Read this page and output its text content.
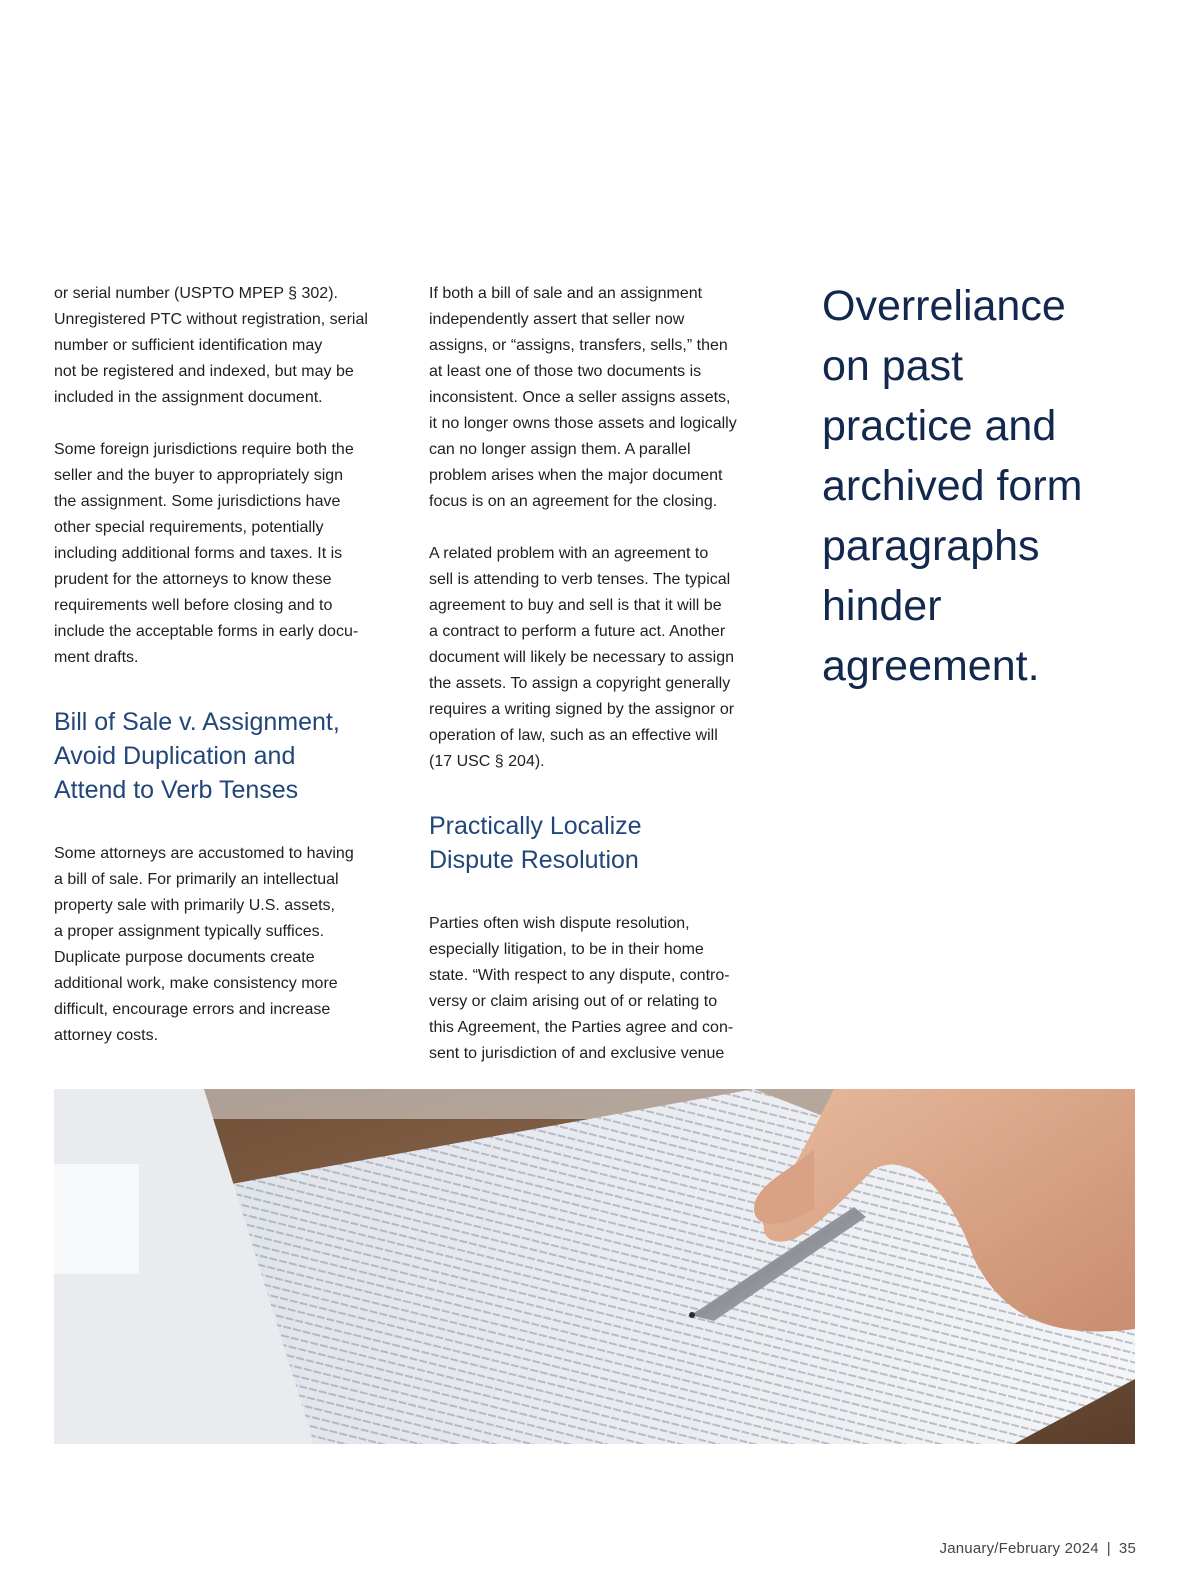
or serial number (USPTO MPEP § 302).
Unregistered PTC without registration, serial
number or sufficient identification may
not be registered and indexed, but may be
included in the assignment document.

Some foreign jurisdictions require both the
seller and the buyer to appropriately sign
the assignment. Some jurisdictions have
other special requirements, potentially
including additional forms and taxes. It is
prudent for the attorneys to know these
requirements well before closing and to
include the acceptable forms in early docu-
ment drafts.

Bill of Sale v. Assignment,
Avoid Duplication and
Attend to Verb Tenses

Some attorneys are accustomed to having
a bill of sale. For primarily an intellectual
property sale with primarily U.S. assets,
a proper assignment typically suffices.
Duplicate purpose documents create
additional work, make consistency more
difficult, encourage errors and increase
attorney costs.

If both a bill of sale and an assignment
independently assert that seller now
assigns, or “assigns, transfers, sells,” then
at least one of those two documents is
inconsistent. Once a seller assigns assets,
it no longer owns those assets and logically
can no longer assign them. A parallel
problem arises when the major document
focus is on an agreement for the closing.

A related problem with an agreement to
sell is attending to verb tenses. The typical
agreement to buy and sell is that it will be
a contract to perform a future act. Another
document will likely be necessary to assign
the assets. To assign a copyright generally
requires a writing signed by the assignor or
operation of law, such as an effective will
(17 USC § 204).

Practically Localize
Dispute Resolution

Parties often wish dispute resolution,
especially litigation, to be in their home
state. “With respect to any dispute, contro-
versy or claim arising out of or relating to
this Agreement, the Parties agree and con-
sent to jurisdiction of and exclusive venue

Overreliance
on past
practice and
archived form
paragraphs
hinder
agreement.

January/February 2024 | 35
